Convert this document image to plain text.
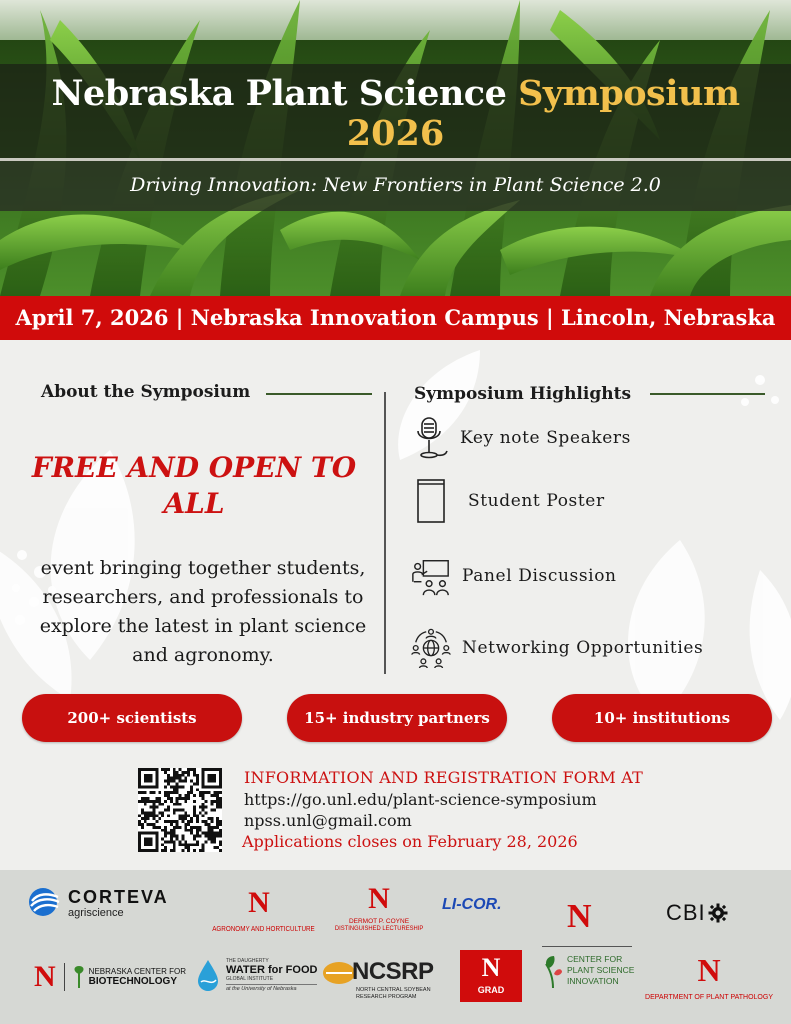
Nebraska Plant Science Symposium
2026
Driving Innovation: New Frontiers in Plant Science 2.0
April 7, 2026 | Nebraska Innovation Campus | Lincoln, Nebraska
About the Symposium
FREE AND OPEN TO
ALL
event bringing together students, researchers, and professionals to explore the latest in plant science and agronomy.
Symposium Highlights
Key note Speakers
Student Poster
Panel Discussion
Networking Opportunities
200+ scientists	15+ industry partners	10+ institutions
INFORMATION AND REGISTRATION FORM AT
https://go.unl.edu/plant-science-symposium
npss.unl@gmail.com
Applications closes on February 28, 2026
CORTEVA
agriscience	N
AGRONOMY AND HORTICULTURE
N
DERMOT P. COYNE
DISTINGUISHED LECTURESHIP
LI-COR. N	CBI
N	NEBRASKA CENTER FOR
BIOTECHNOLOGY
THE DAUGHERTY
WATER for FOOD
GLOBAL INSTITUTE
at the University of Nebraska
NCSRP
NORTH CENTRAL SOYBEAN
RESEARCH PROGRAM
N
GRAD
CENTER FOR
PLANT SCIENCE
INNOVATION	N
DEPARTMENT OF PLANT PATHOLOGY
